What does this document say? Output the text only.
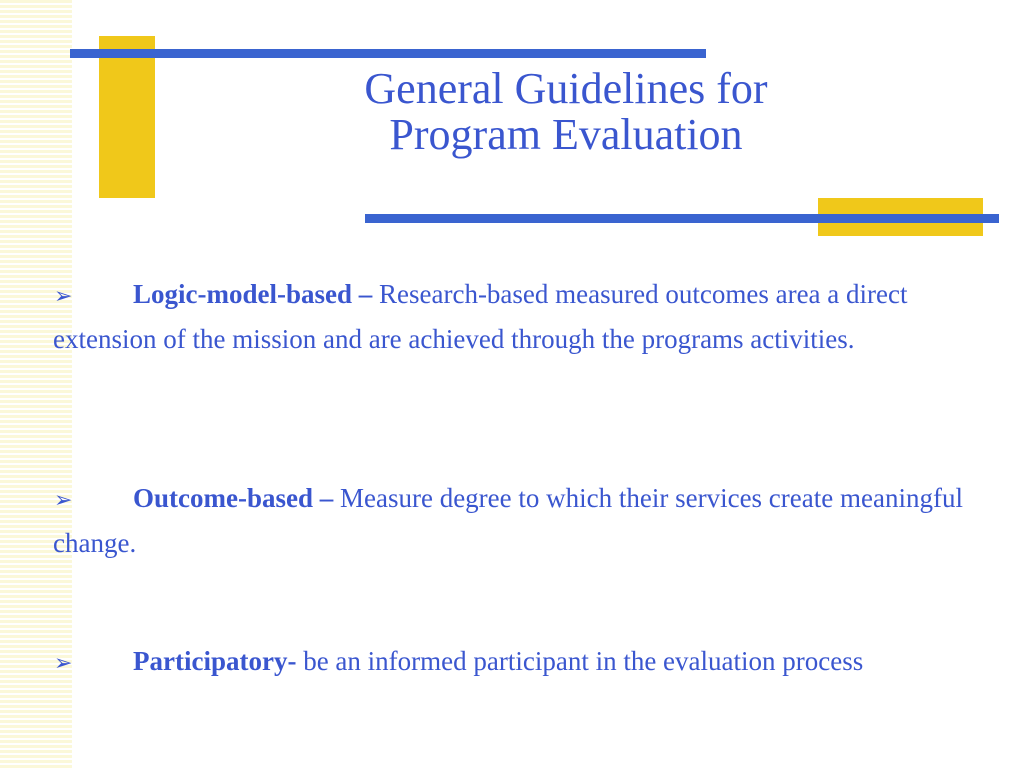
General Guidelines for
Program Evaluation

➢ Logic-model-based – Research-based measured outcomes area a direct extension of the mission and are achieved through the programs activities.

➢ Outcome-based – Measure degree to which their services create meaningful change.

➢ Participatory- be an informed participant in the evaluation process
